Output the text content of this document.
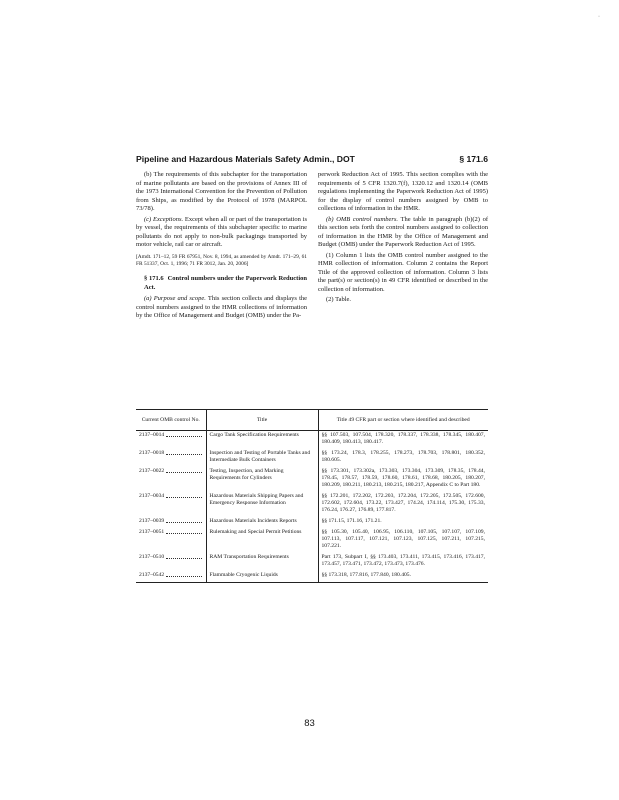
·
Pipeline and Hazardous Materials Safety Admin., DOT	§ 171.6

(b) The requirements of this subchapter for the transportation of marine pollutants are based on the provisions of Annex III of the 1973 International Convention for the Prevention of Pollution from Ships, as modified by the Protocol of 1978 (MARPOL 73/78).

(c) Exceptions. Except when all or part of the transportation is by vessel, the requirements of this subchapter specific to marine pollutants do not apply to non-bulk packagings transported by motor vehicle, rail car or aircraft.

[Amdt. 171–12, 59 FR 67951, Nov. 8, 1994, as amended by Amdt. 171–29, 61 FR 51337, Oct. 1, 1996; 71 FR 3012, Jan. 20, 2006]

§ 171.6 Control numbers under the Paperwork Reduction Act.

(a) Purpose and scope. This section collects and displays the control numbers assigned to the HMR collections of information by the Office of Management and Budget (OMB) under the Pa-

perwork Reduction Act of 1995. This section complies with the requirements of 5 CFR 1320.7(f), 1320.12 and 1320.14 (OMB regulations implementing the Paperwork Reduction Act of 1995) for the display of control numbers assigned by OMB to collections of information in the HMR.

(b) OMB control numbers. The table in paragraph (b)(2) of this section sets forth the control numbers assigned to collection of information in the HMR by the Office of Management and Budget (OMB) under the Paperwork Reduction Act of 1995.

(1) Column 1 lists the OMB control number assigned to the HMR collection of information. Column 2 contains the Report Title of the approved collection of information. Column 3 lists the part(s) or section(s) in 49 CFR identified or described in the collection of information.

(2) Table.

Current OMB control No.	Title	Title 49 CFR part or section where identified and described

2137–0014	Cargo Tank Specification Requirements	§§ 107.503, 107.504, 178.320, 178.337, 178.338, 178.345, 180.407, 180.409, 180.413, 180.417.

2137–0018	Inspection and Testing of Portable Tanks and Intermediate Bulk Containers	§§ 173.24, 178.3, 178.255, 178.273, 178.703, 178.801, 180.352, 180.605.

2137–0022	Testing, Inspection, and Marking Requirements for Cylinders	§§ 173.301, 173.302a, 173.303, 173.304, 173.309, 178.35, 178.44, 178.45, 178.57, 178.59, 178.60, 178.61, 178.68, 180.205, 180.207, 180.209, 180.211, 180.213, 180.215, 180.217, Appendix C to Part 180.

2137–0034	Hazardous Materials Shipping Papers and Emergency Response Information	§§ 172.201, 172.202, 172.203, 172.204, 172.205, 172.505, 172.600, 172.602, 172.604, 173.22, 173.427, 174.24, 174.114, 175.30, 175.33, 176.24, 176.27, 176.89, 177.817.

2137–0039	Hazardous Materials Incidents Reports	§§ 171.15, 171.16, 171.21.

2137–0051	Rulemaking and Special Permit Petitions	§§ 105.30, 105.40, 106.95, 106.110, 107.105, 107.107, 107.109, 107.113, 107.117, 107.121, 107.123, 107.125, 107.211, 107.215, 107.221.

2137–0510	RAM Transportation Requirements	Part 173, Subpart I, §§ 173.403, 173.411, 173.415, 173.416, 173.417, 173.457, 173.471, 173.472, 173.473, 173.476.

2137–0542	Flammable Cryogenic Liquids	§§ 173.318, 177.816, 177.840, 180.405.
83
